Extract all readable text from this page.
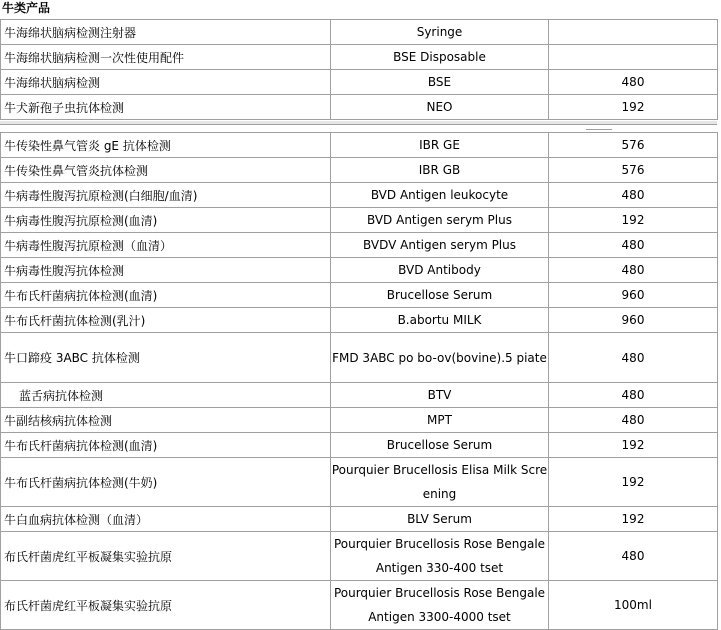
牛类产品
牛海绵状脑病检测注射器	Syringe	
牛海绵状脑病检测一次性使用配件	BSE Disposable	
牛海绵状脑病检测	BSE	480
牛犬新孢子虫抗体检测	NEO	192
牛传染性鼻气管炎 gE 抗体检测	IBR GE	576
牛传染性鼻气管炎抗体检测	IBR GB	576
牛病毒性腹泻抗原检测(白细胞/血清)	BVD Antigen leukocyte	480
牛病毒性腹泻抗原检测(血清)	BVD Antigen serym Plus	192
牛病毒性腹泻抗原检测（血清）	BVDV Antigen serym Plus	480
牛病毒性腹泻抗体检测	BVD Antibody	480
牛布氏杆菌病抗体检测(血清)	Brucellose Serum	960
牛布氏杆菌抗体检测(乳汁)	B.abortu MILK	960
牛口蹄疫 3ABC 抗体检测	FMD 3ABC po bo-ov(bovine).5 piate	480
蓝舌病抗体检测	BTV	480
牛副结核病抗体检测	MPT	480
牛布氏杆菌病抗体检测(血清)	Brucellose Serum	192
牛布氏杆菌病抗体检测(牛奶)	Pourquier Brucellosis Elisa Milk Screening	192
牛白血病抗体检测（血清）	BLV Serum	192
布氏杆菌虎红平板凝集实验抗原	Pourquier Brucellosis Rose Bengale Antigen 330-400 tset	480
布氏杆菌虎红平板凝集实验抗原	Pourquier Brucellosis Rose Bengale Antigen 3300-4000 tset	100ml
